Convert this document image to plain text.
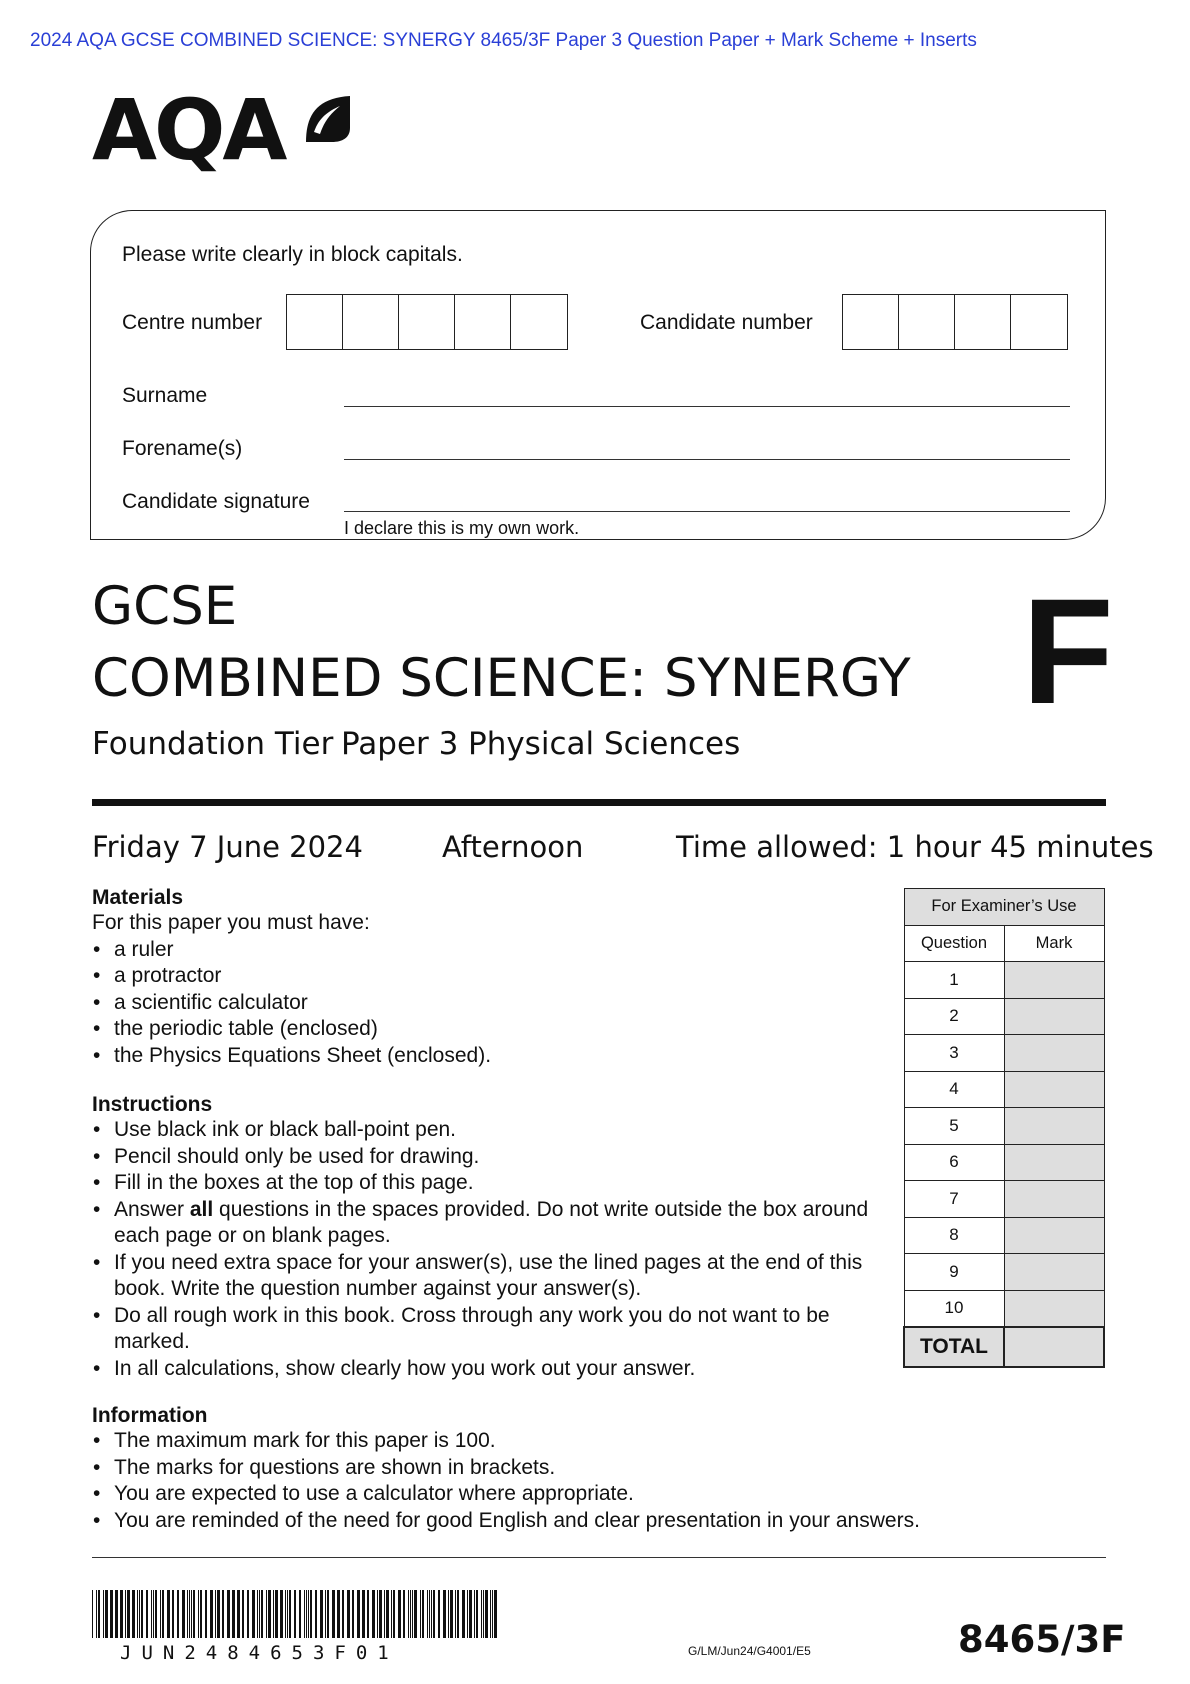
2024 AQA GCSE COMBINED SCIENCE: SYNERGY 8465/3F Paper 3 Question Paper + Mark Scheme + Inserts
AQA
Please write clearly in block capitals.
Centre number	Candidate number
Surname
Forename(s)
Candidate signature
I declare this is my own work.
GCSE
COMBINED SCIENCE: SYNERGY
Foundation Tier Paper 3 Physical Sciences
F
Friday 7 June 2024	Afternoon	Time allowed: 1 hour 45 minutes
Materials
For this paper you must have:
• a ruler
• a protractor
• a scientific calculator
• the periodic table (enclosed)
• the Physics Equations Sheet (enclosed).
Instructions
• Use black ink or black ball-point pen.
• Pencil should only be used for drawing.
• Fill in the boxes at the top of this page.
• Answer all questions in the spaces provided. Do not write outside the box around each page or on blank pages.
• If you need extra space for your answer(s), use the lined pages at the end of this book. Write the question number against your answer(s).
• Do all rough work in this book. Cross through any work you do not want to be marked.
• In all calculations, show clearly how you work out your answer.
Information
• The maximum mark for this paper is 100.
• The marks for questions are shown in brackets.
• You are expected to use a calculator where appropriate.
• You are reminded of the need for good English and clear presentation in your answers.
For Examiner’s Use	
Question	Mark
1	
2	
3	
4	
5	
6	
7	
8	
9	
10	
TOTAL	
JUN2484653F01	G/LM/Jun24/G4001/E5	8465/3F
